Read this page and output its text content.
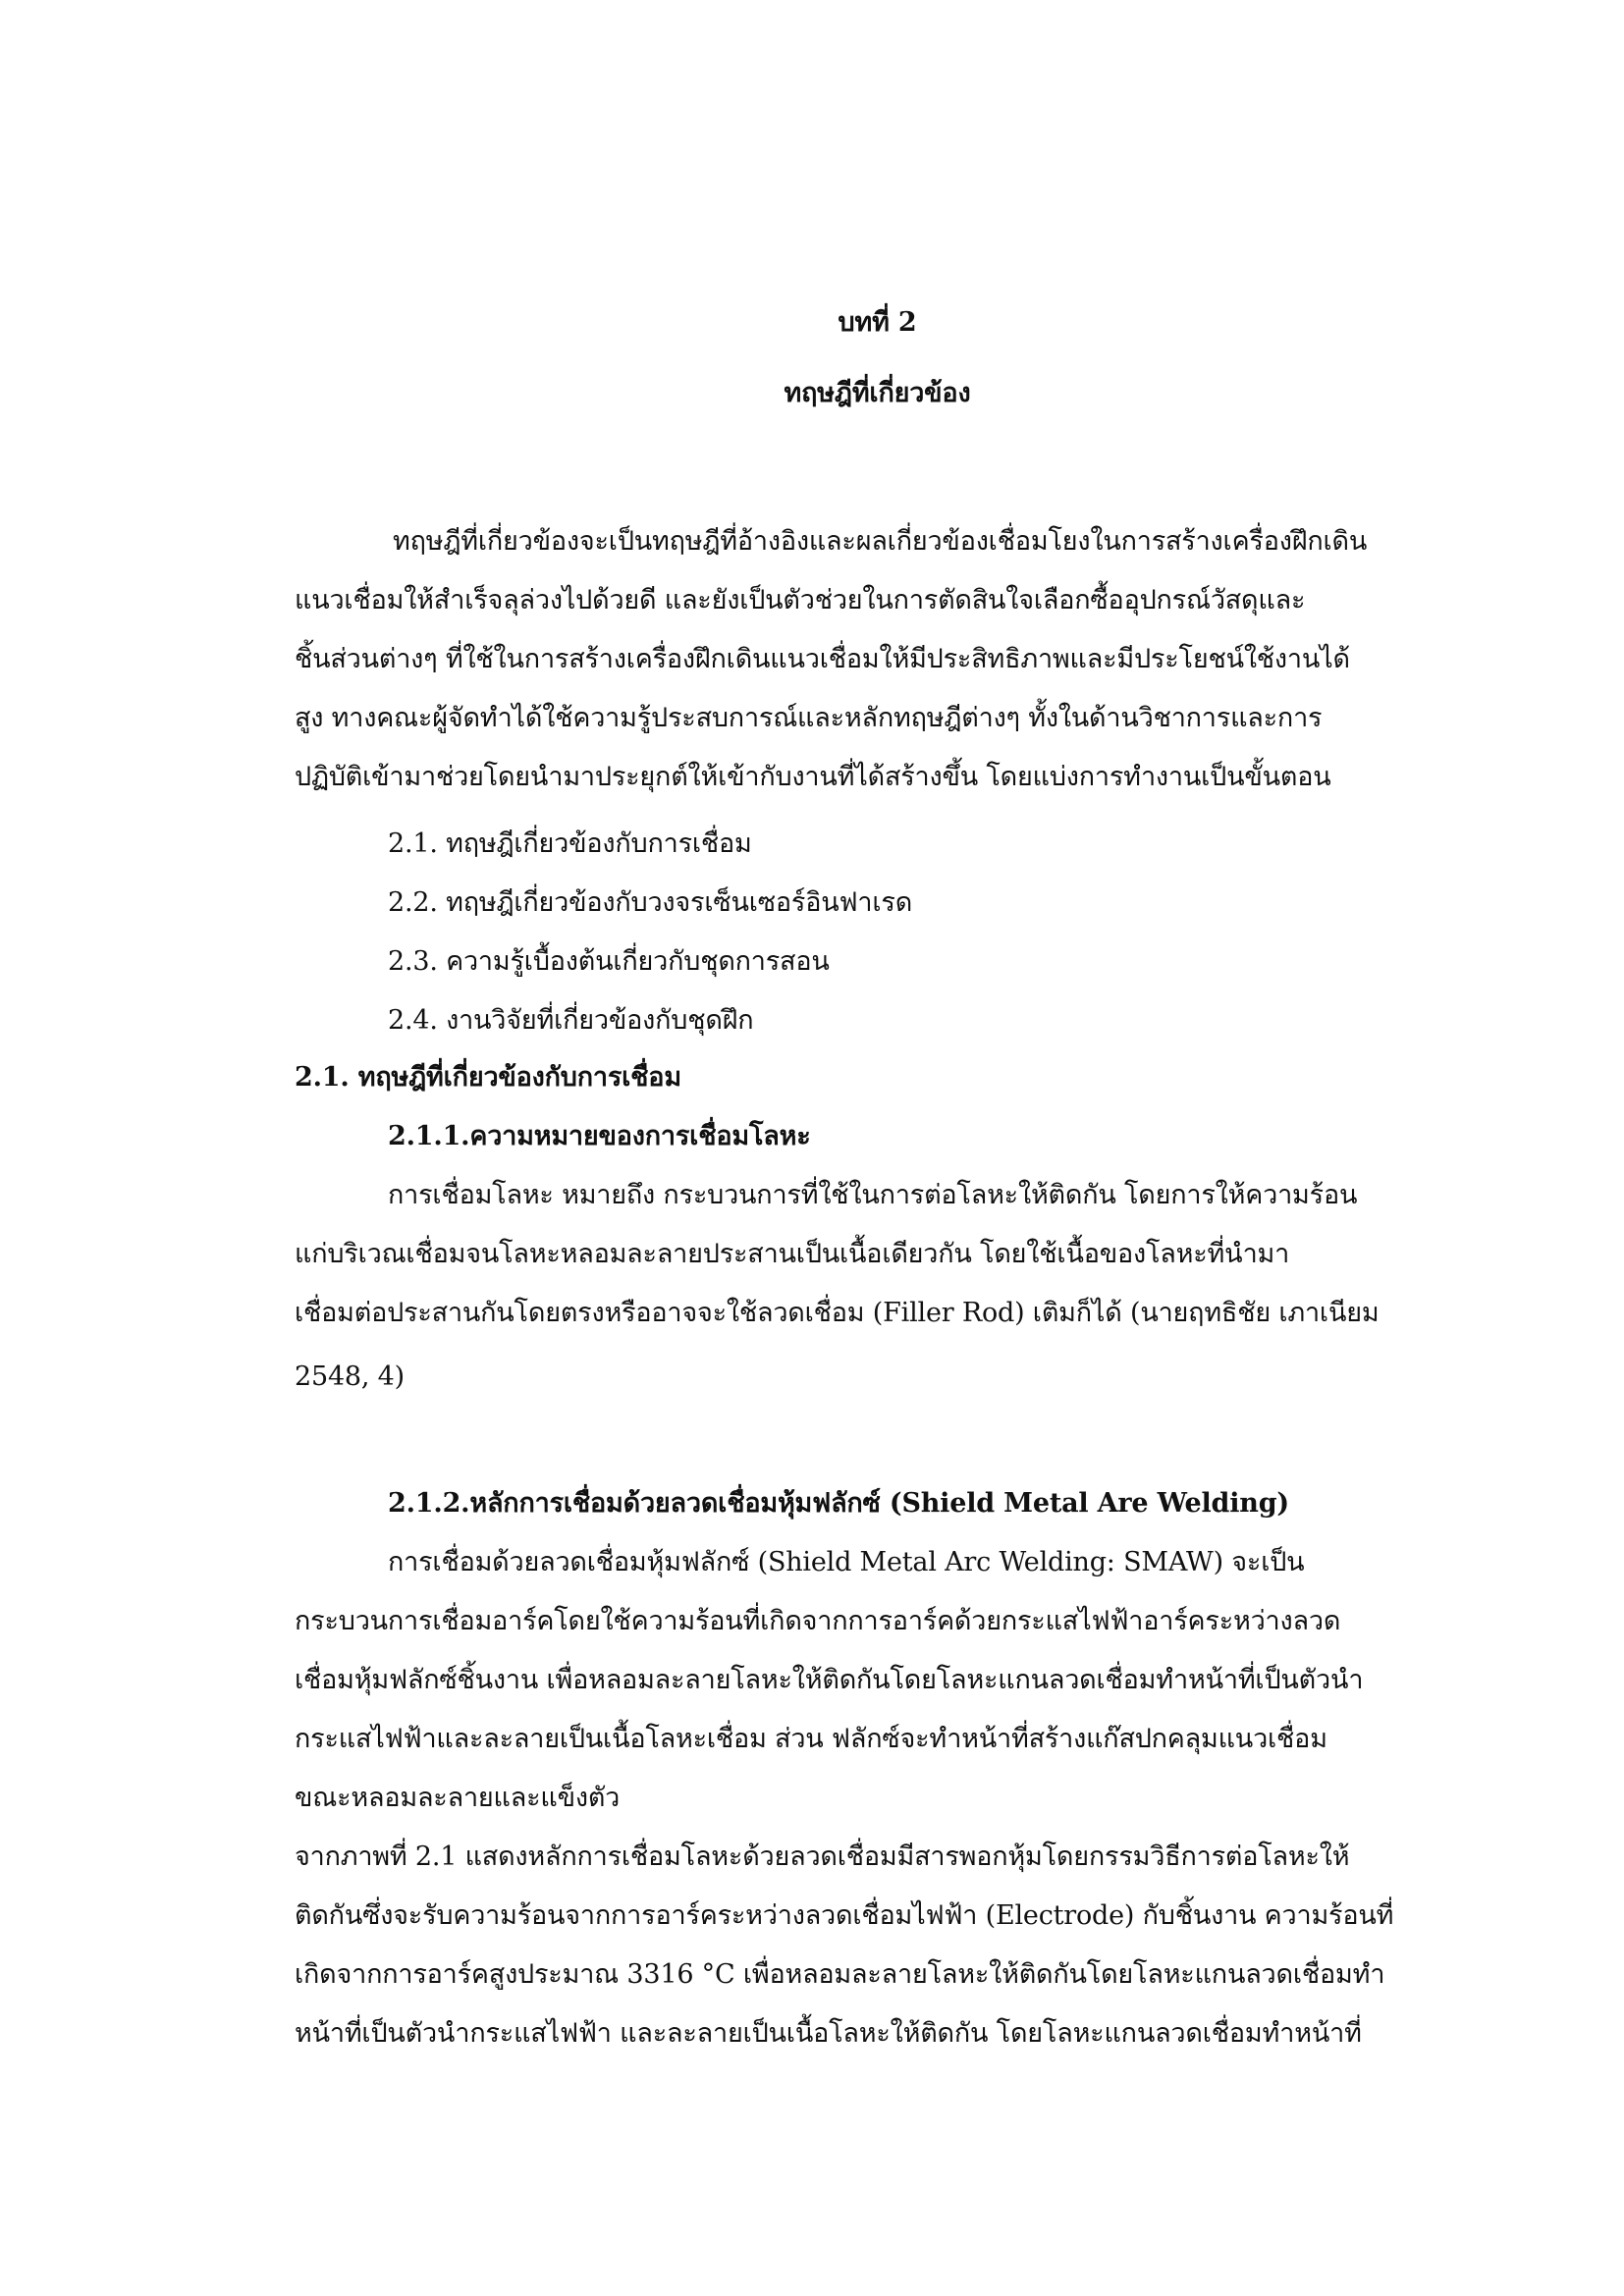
บทที่ 2
ทฤษฎีที่เกี่ยวข้อง
ทฤษฎีที่เกี่ยวข้องจะเป็นทฤษฎีที่อ้างอิงและผลเกี่ยวข้องเชื่อมโยงในการสร้างเครื่องฝึกเดิน
แนวเชื่อมให้สำเร็จลุล่วงไปด้วยดี และยังเป็นตัวช่วยในการตัดสินใจเลือกซื้ออุปกรณ์วัสดุและ
ชิ้นส่วนต่างๆ ที่ใช้ในการสร้างเครื่องฝึกเดินแนวเชื่อมให้มีประสิทธิภาพและมีประโยชน์ใช้งานได้
สูง ทางคณะผู้จัดทำได้ใช้ความรู้ประสบการณ์และหลักทฤษฎีต่างๆ ทั้งในด้านวิชาการและการ
ปฏิบัติเข้ามาช่วยโดยนำมาประยุกต์ให้เข้ากับงานที่ได้สร้างขึ้น โดยแบ่งการทำงานเป็นขั้นตอน
2.1. ทฤษฎีเกี่ยวข้องกับการเชื่อม
2.2. ทฤษฎีเกี่ยวข้องกับวงจรเซ็นเซอร์อินฟาเรด
2.3. ความรู้เบื้องต้นเกี่ยวกับชุดการสอน
2.4. งานวิจัยที่เกี่ยวข้องกับชุดฝึก
2.1. ทฤษฎีที่เกี่ยวข้องกับการเชื่อม
2.1.1.ความหมายของการเชื่อมโลหะ
การเชื่อมโลหะ หมายถึง กระบวนการที่ใช้ในการต่อโลหะให้ติดกัน โดยการให้ความร้อน
แก่บริเวณเชื่อมจนโลหะหลอมละลายประสานเป็นเนื้อเดียวกัน โดยใช้เนื้อของโลหะที่นำมา
เชื่อมต่อประสานกันโดยตรงหรืออาจจะใช้ลวดเชื่อม (Filler Rod) เติมก็ได้ (นายฤทธิชัย เภาเนียม
2548, 4)
2.1.2.หลักการเชื่อมด้วยลวดเชื่อมหุ้มฟลักซ์ (Shield Metal Are Welding)
การเชื่อมด้วยลวดเชื่อมหุ้มฟลักซ์ (Shield Metal Arc Welding: SMAW) จะเป็น
กระบวนการเชื่อมอาร์คโดยใช้ความร้อนที่เกิดจากการอาร์คด้วยกระแสไฟฟ้าอาร์คระหว่างลวด
เชื่อมหุ้มฟลักซ์ชิ้นงาน เพื่อหลอมละลายโลหะให้ติดกันโดยโลหะแกนลวดเชื่อมทำหน้าที่เป็นตัวนำ
กระแสไฟฟ้าและละลายเป็นเนื้อโลหะเชื่อม ส่วน ฟลักซ์จะทำหน้าที่สร้างแก๊สปกคลุมแนวเชื่อม
ขณะหลอมละลายและแข็งตัว
จากภาพที่ 2.1 แสดงหลักการเชื่อมโลหะด้วยลวดเชื่อมมีสารพอกหุ้มโดยกรรมวิธีการต่อโลหะให้
ติดกันซึ่งจะรับความร้อนจากการอาร์คระหว่างลวดเชื่อมไฟฟ้า (Electrode) กับชิ้นงาน ความร้อนที่
เกิดจากการอาร์คสูงประมาณ 3316 °C เพื่อหลอมละลายโลหะให้ติดกันโดยโลหะแกนลวดเชื่อมทำ
หน้าที่เป็นตัวนำกระแสไฟฟ้า และละลายเป็นเนื้อโลหะให้ติดกัน โดยโลหะแกนลวดเชื่อมทำหน้าที่
